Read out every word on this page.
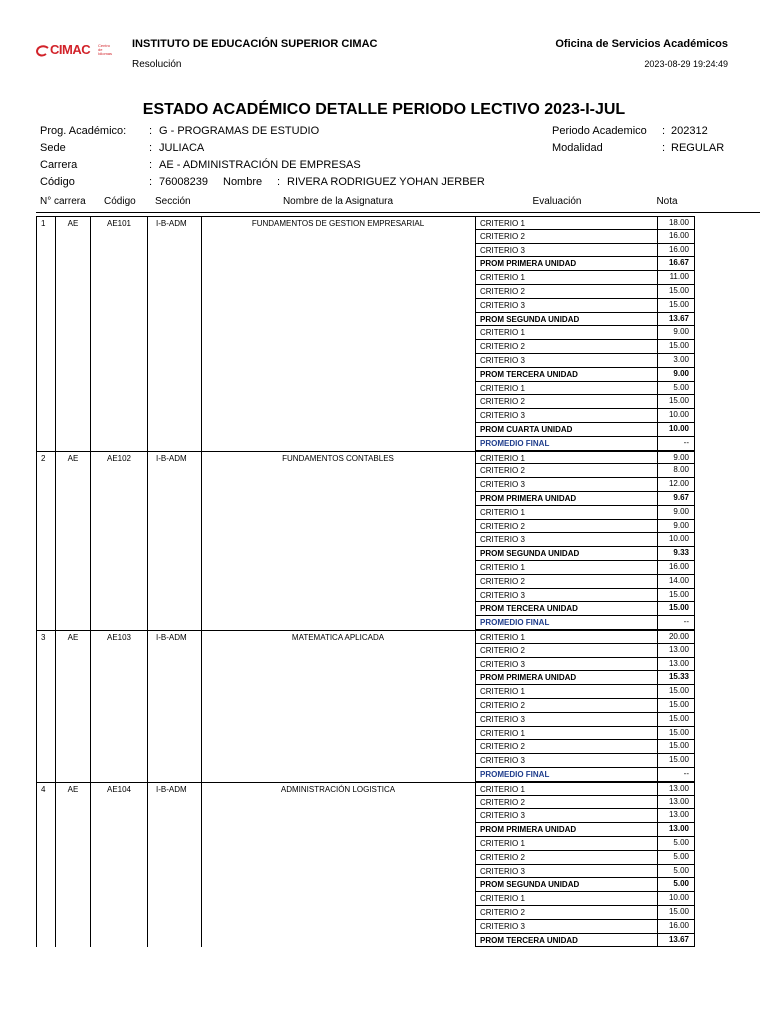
CIMAC Centro de Idiomas
INSTITUTO DE EDUCACIÓN SUPERIOR CIMAC
Resolución
Oficina de Servicios Académicos
2023-08-29 19:24:49
ESTADO ACADÉMICO DETALLE PERIODO LECTIVO 2023-I-JUL
Prog. Académico: : G - PROGRAMAS DE ESTUDIO
Sede	: JULIACA
Carrera	: AE - ADMINISTRACIÓN DE EMPRESAS
Código	: 76008239 Nombre : RIVERA RODRIGUEZ YOHAN JERBER
Periodo Academico : 202312
Modalidad	: REGULAR
N° carrera Código Sección	Nombre de la Asignatura	Evaluación	Nota
1	AE	AE101	I-B-ADM	FUNDAMENTOS DE GESTION EMPRESARIAL	CRITERIO 1	18.00
CRITERIO 2	16.00
CRITERIO 3	16.00
PROM PRIMERA UNIDAD	16.67
CRITERIO 1	11.00
CRITERIO 2	15.00
CRITERIO 3	15.00
PROM SEGUNDA UNIDAD	13.67
CRITERIO 1	9.00
CRITERIO 2	15.00
CRITERIO 3	3.00
PROM TERCERA UNIDAD	9.00
CRITERIO 1	5.00
CRITERIO 2	15.00
CRITERIO 3	10.00
PROM CUARTA UNIDAD	10.00
PROMEDIO FINAL	--
2	AE	AE102	I-B-ADM	FUNDAMENTOS CONTABLES	CRITERIO 1	9.00
CRITERIO 2	8.00
CRITERIO 3	12.00
PROM PRIMERA UNIDAD	9.67
CRITERIO 1	9.00
CRITERIO 2	9.00
CRITERIO 3	10.00
PROM SEGUNDA UNIDAD	9.33
CRITERIO 1	16.00
CRITERIO 2	14.00
CRITERIO 3	15.00
PROM TERCERA UNIDAD	15.00
PROMEDIO FINAL	--
3	AE	AE103	I-B-ADM	MATEMATICA APLICADA	CRITERIO 1	20.00
CRITERIO 2	13.00
CRITERIO 3	13.00
PROM PRIMERA UNIDAD	15.33
CRITERIO 1	15.00
CRITERIO 2	15.00
CRITERIO 3	15.00
CRITERIO 1	15.00
CRITERIO 2	15.00
CRITERIO 3	15.00
PROMEDIO FINAL	--
4	AE	AE104	I-B-ADM	ADMINISTRACIÓN LOGISTICA	CRITERIO 1	13.00
CRITERIO 2	13.00
CRITERIO 3	13.00
PROM PRIMERA UNIDAD	13.00
CRITERIO 1	5.00
CRITERIO 2	5.00
CRITERIO 3	5.00
PROM SEGUNDA UNIDAD	5.00
CRITERIO 1	10.00
CRITERIO 2	15.00
CRITERIO 3	16.00
PROM TERCERA UNIDAD	13.67
